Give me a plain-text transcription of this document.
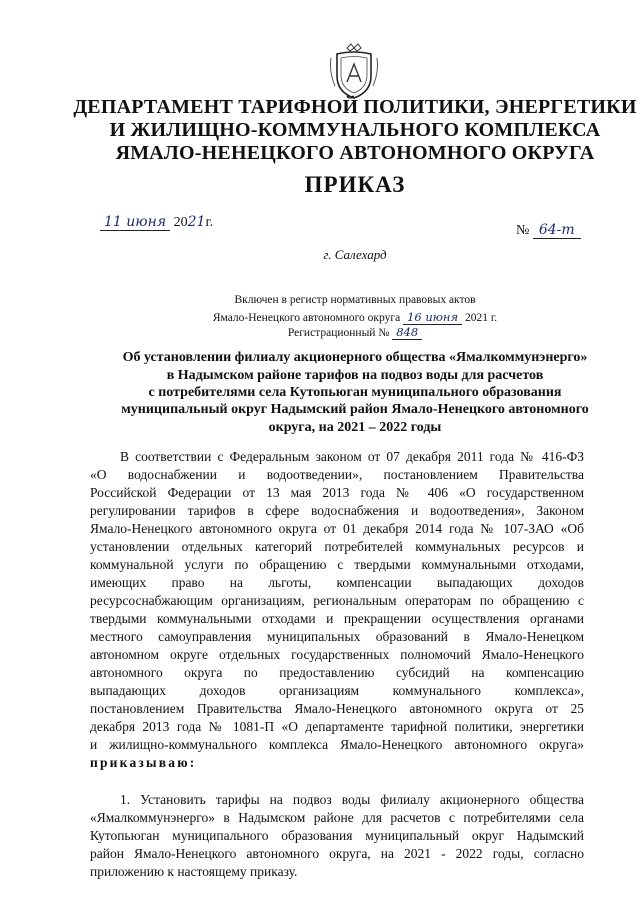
ДЕПАРТАМЕНТ ТАРИФНОЙ ПОЛИТИКИ, ЭНЕРГЕТИКИ
И ЖИЛИЩНО-КОММУНАЛЬНОГО КОМПЛЕКСА
ЯМАЛО-НЕНЕЦКОГО АВТОНОМНОГО ОКРУГА
ПРИКАЗ
11 июня 2021г.
№ 64-т
г. Салехард
Включен в регистр нормативных правовых актов
Ямало-Ненецкого автономного округа 16 июня 2021 г.
Регистрационный № 848
Об установлении филиалу акционерного общества «Ямалкоммунэнерго»
в Надымском районе тарифов на подвоз воды для расчетов
с потребителями села Кутопьюган муниципального образования
муниципальный округ Надымский район Ямало-Ненецкого автономного
округа, на 2021 – 2022 годы
В соответствии с Федеральным законом от 07 декабря 2011 года № 416-ФЗ
«О водоснабжении и водоотведении», постановлением Правительства
Российской Федерации от 13 мая 2013 года № 406 «О государственном
регулировании тарифов в сфере водоснабжения и водоотведения», Законом
Ямало-Ненецкого автономного округа от 01 декабря 2014 года № 107-ЗАО «Об
установлении отдельных категорий потребителей коммунальных ресурсов и
коммунальной услуги по обращению с твердыми коммунальными отходами,
имеющих право на льготы, компенсации выпадающих доходов
ресурсоснабжающим организациям, региональным операторам по обращению с
твердыми коммунальными отходами и прекращении осуществления органами
местного самоуправления муниципальных образований в Ямало-Ненецком
автономном округе отдельных государственных полномочий Ямало-Ненецкого
автономного округа по предоставлению субсидий на компенсацию
выпадающих доходов организациям коммунального комплекса»,
постановлением Правительства Ямало-Ненецкого автономного округа от 25
декабря 2013 года № 1081-П «О департаменте тарифной политики, энергетики
и жилищно-коммунального комплекса Ямало-Ненецкого автономного округа»
приказываю:
1. Установить тарифы на подвоз воды филиалу акционерного общества
«Ямалкоммунэнерго» в Надымском районе для расчетов с потребителями села
Кутопьюган муниципального образования муниципальный округ Надымский
район Ямало-Ненецкого автономного округа, на 2021 - 2022 годы, согласно
приложению к настоящему приказу.
